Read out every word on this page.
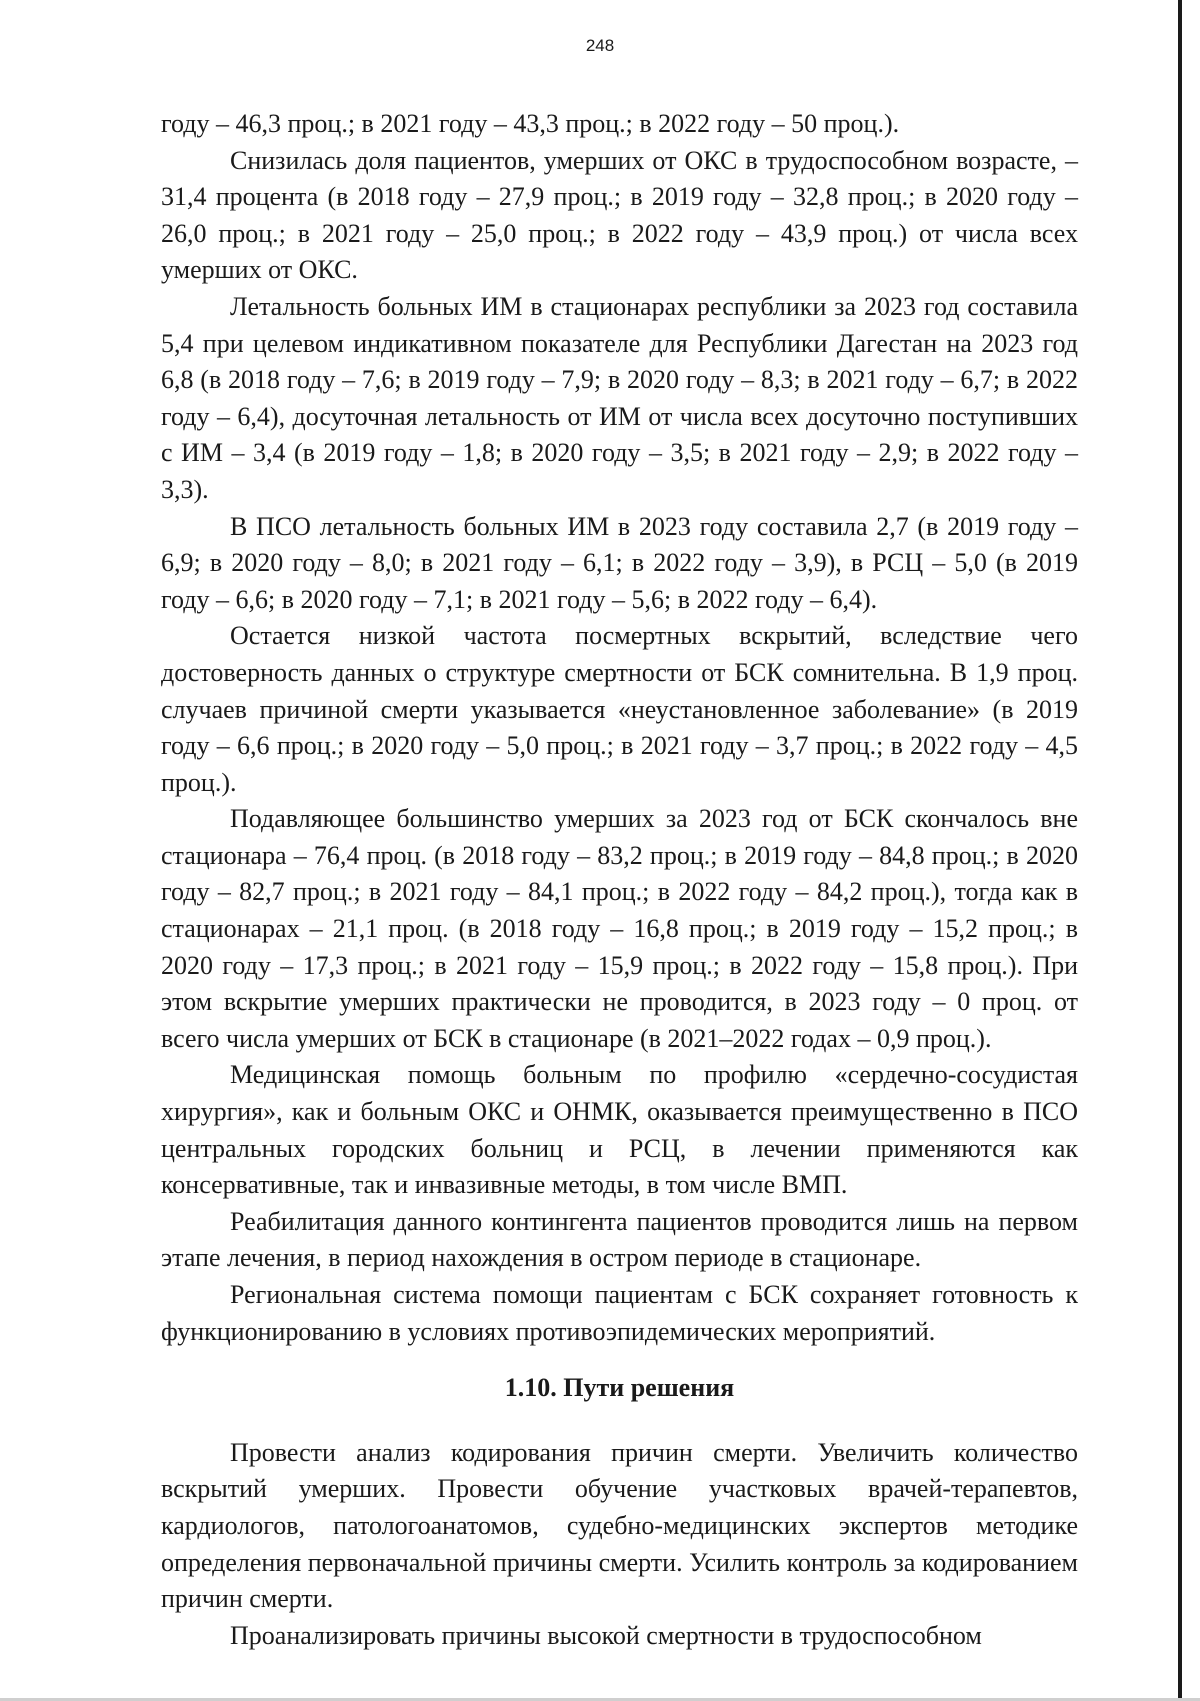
248

году – 46,3 проц.; в 2021 году – 43,3 проц.; в 2022 году – 50 проц.).

Снизилась доля пациентов, умерших от ОКС в трудоспособном возрасте, – 31,4 процента (в 2018 году – 27,9 проц.; в 2019 году – 32,8 проц.; в 2020 году – 26,0 проц.; в 2021 году – 25,0 проц.; в 2022 году – 43,9 проц.) от числа всех умерших от ОКС.

Летальность больных ИМ в стационарах республики за 2023 год составила 5,4 при целевом индикативном показателе для Республики Дагестан на 2023 год 6,8 (в 2018 году – 7,6; в 2019 году – 7,9; в 2020 году – 8,3; в 2021 году – 6,7; в 2022 году – 6,4), досуточная летальность от ИМ от числа всех досуточно поступивших с ИМ – 3,4 (в 2019 году – 1,8; в 2020 году – 3,5; в 2021 году – 2,9; в 2022 году – 3,3).

В ПСО летальность больных ИМ в 2023 году составила 2,7 (в 2019 году – 6,9; в 2020 году – 8,0; в 2021 году – 6,1; в 2022 году – 3,9), в РСЦ – 5,0 (в 2019 году – 6,6; в 2020 году – 7,1; в 2021 году – 5,6; в 2022 году – 6,4).

Остается низкой частота посмертных вскрытий, вследствие чего достоверность данных о структуре смертности от БСК сомнительна. В 1,9 проц. случаев причиной смерти указывается «неустановленное заболевание» (в 2019 году – 6,6 проц.; в 2020 году – 5,0 проц.; в 2021 году – 3,7 проц.; в 2022 году – 4,5 проц.).

Подавляющее большинство умерших за 2023 год от БСК скончалось вне стационара – 76,4 проц. (в 2018 году – 83,2 проц.; в 2019 году – 84,8 проц.; в 2020 году – 82,7 проц.; в 2021 году – 84,1 проц.; в 2022 году – 84,2 проц.), тогда как в стационарах – 21,1 проц. (в 2018 году – 16,8 проц.; в 2019 году – 15,2 проц.; в 2020 году – 17,3 проц.; в 2021 году – 15,9 проц.; в 2022 году – 15,8 проц.). При этом вскрытие умерших практически не проводится, в 2023 году – 0 проц. от всего числа умерших от БСК в стационаре (в 2021–2022 годах – 0,9 проц.).

Медицинская помощь больным по профилю «сердечно-сосудистая хирургия», как и больным ОКС и ОНМК, оказывается преимущественно в ПСО центральных городских больниц и РСЦ, в лечении применяются как консервативные, так и инвазивные методы, в том числе ВМП.

Реабилитация данного контингента пациентов проводится лишь на первом этапе лечения, в период нахождения в остром периоде в стационаре.

Региональная система помощи пациентам с БСК сохраняет готовность к функционированию в условиях противоэпидемических мероприятий.

1.10. Пути решения

Провести анализ кодирования причин смерти. Увеличить количество вскрытий умерших. Провести обучение участковых врачей-терапевтов, кардиологов, патологоанатомов, судебно-медицинских экспертов методике определения первоначальной причины смерти. Усилить контроль за кодированием причин смерти.

Проанализировать причины высокой смертности в трудоспособном
